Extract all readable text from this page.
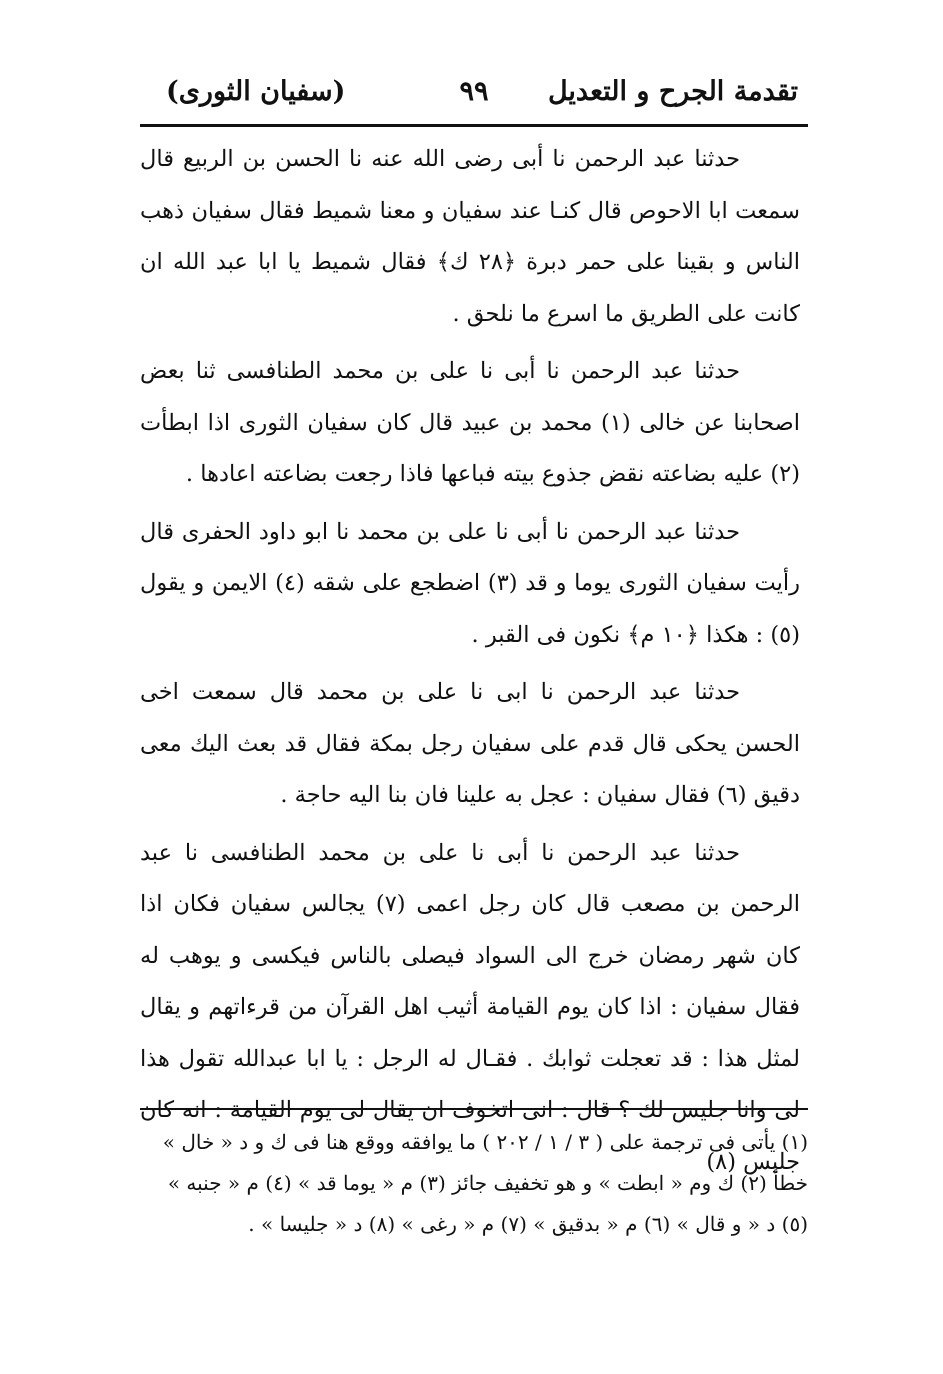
تقدمة الجرح و التعديل
٩٩
(سفيان الثورى)

حدثنا عبد الرحمن نا أبى رضى الله عنه نا الحسن بن الربيع قال سمعت ابا الاحوص قال كنـا عند سفيان و معنا شميط فقال سفيان ذهب الناس و بقينا على حمر دبرة ﴿٢٨ ك﴾ فقال شميط يا ابا عبد الله ان كانت على الطريق ما اسرع ما نلحق .

حدثنا عبد الرحمن نا أبى نا على بن محمد الطنافسى ثنا بعض اصحابنا عن خالى (١) محمد بن عبيد قال كان سفيان الثورى اذا ابطأت (٢) عليه بضاعته نقض جذوع بيته فباعها فاذا رجعت بضاعته اعادها .

حدثنا عبد الرحمن نا أبى نا على بن محمد نا ابو داود الحفرى قال رأيت سفيان الثورى يوما و قد (٣) اضطجع على شقه (٤) الايمن و يقول (٥) : هكذا ﴿١٠ م﴾ نكون فى القبر .

حدثنا عبد الرحمن نا ابى نا على بن محمد قال سمعت اخى الحسن يحكى قال قدم على سفيان رجل بمكة فقال قد بعث اليك معى دقيق (٦) فقال سفيان : عجل به علينا فان بنا اليه حاجة .

حدثنا عبد الرحمن نا أبى نا على بن محمد الطنافسى نا عبد الرحمن بن مصعب قال كان رجل اعمى (٧) يجالس سفيان فكان اذا كان شهر رمضان خرج الى السواد فيصلى بالناس فيكسى و يوهب له فقال سفيان : اذا كان يوم القيامة أثيب اهل القرآن من قرءاتهم و يقال لمثل هذا : قد تعجلت ثوابك . فقـال له الرجل : يا ابا عبدالله تقول هذا لى وانا جليس لك ؟ قال : انى اتخوف ان يقال لى يوم القيامة : انه كان جليس (٨)

(١) يأتى فى ترجمة على ( ٣ / ١ / ٢٠٢ ) ما يوافقه ووقع هنا فى ك و د « خال »
خطأ (٢) ك وم « ابطت » و هو تخفيف جائز (٣) م « يوما قد » (٤) م « جنبه »
(٥) د « و قال » (٦) م « بدقيق » (٧) م « رغى » (٨) د « جليسا » .
